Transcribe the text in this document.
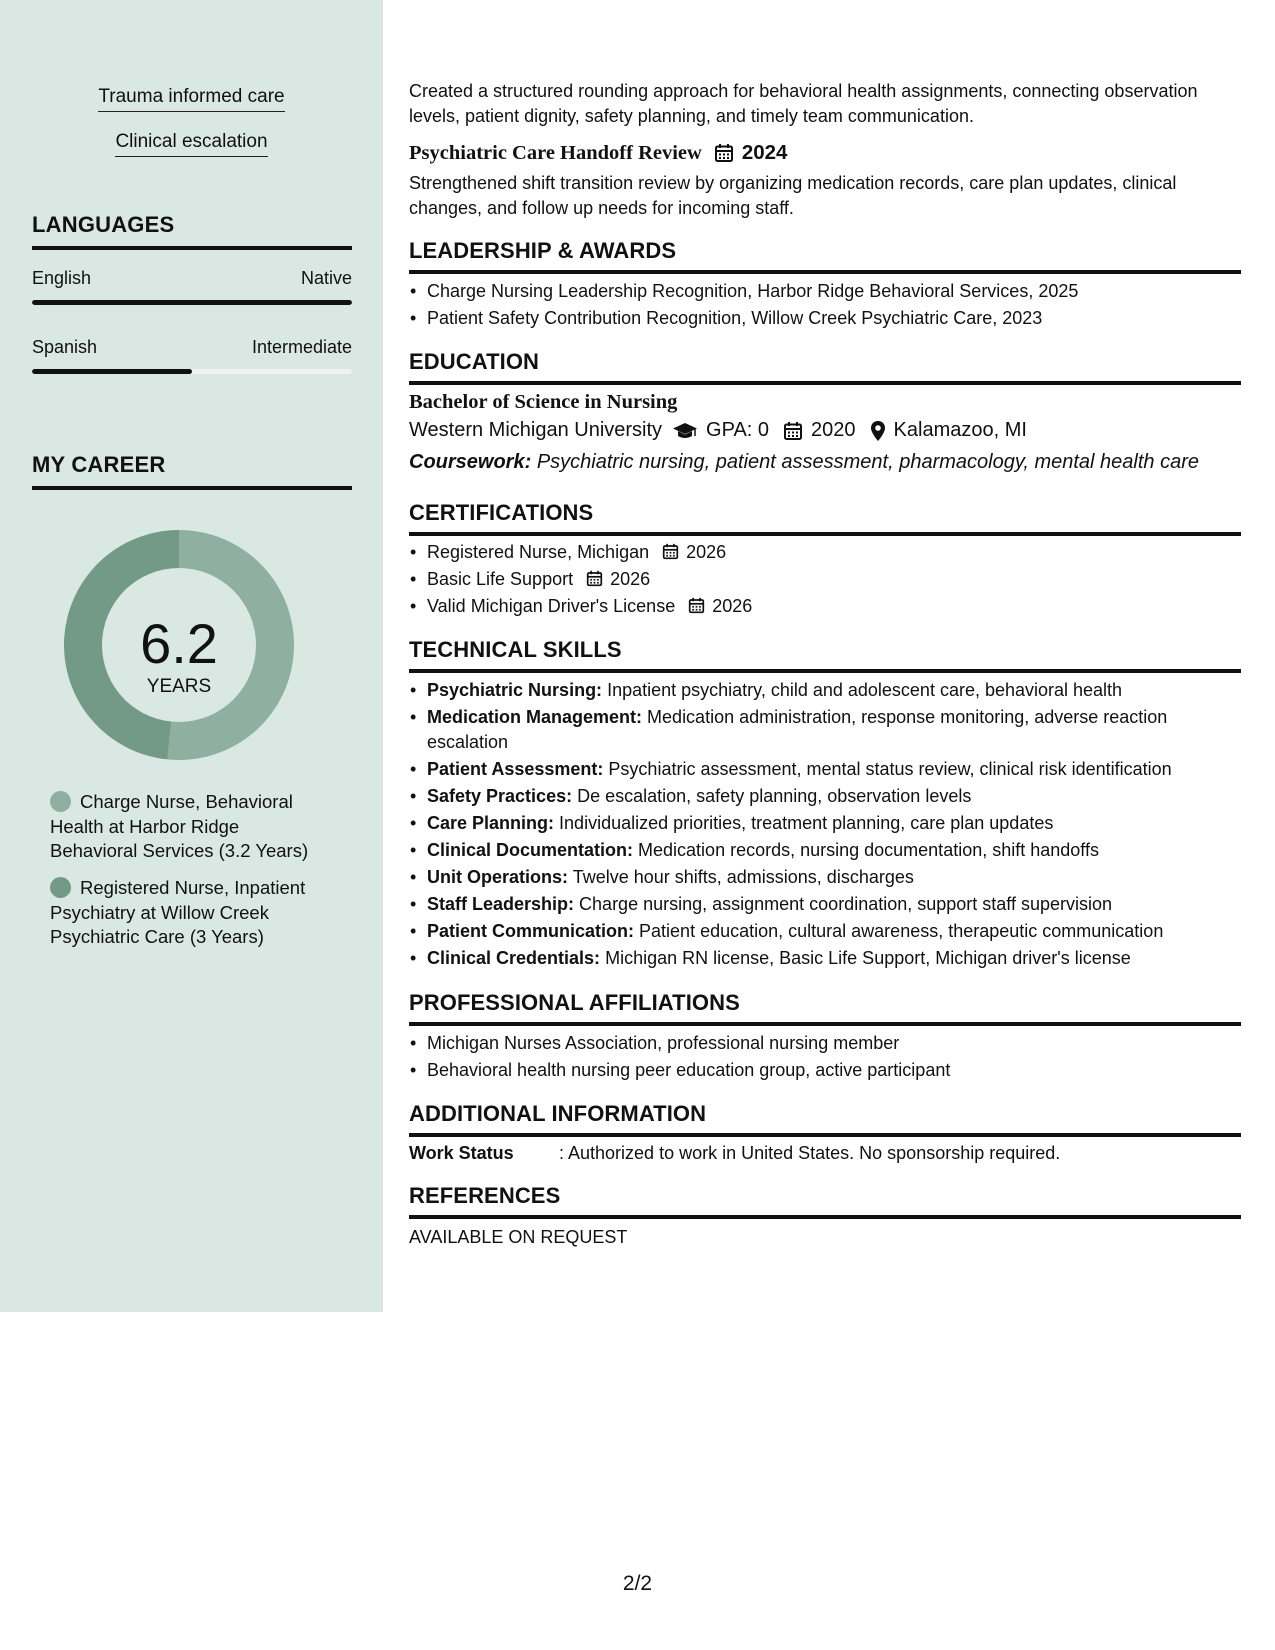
Trauma informed care
Clinical escalation
LANGUAGES
English	Native
Spanish	Intermediate
MY CAREER
6.2
YEARS
Charge Nurse, Behavioral Health at Harbor Ridge Behavioral Services (3.2 Years)
Registered Nurse, Inpatient Psychiatry at Willow Creek Psychiatric Care (3 Years)
Created a structured rounding approach for behavioral health assignments, connecting observation levels, patient dignity, safety planning, and timely team communication.
Psychiatric Care Handoff Review 2024
Strengthened shift transition review by organizing medication records, care plan updates, clinical changes, and follow up needs for incoming staff.
LEADERSHIP & AWARDS
• Charge Nursing Leadership Recognition, Harbor Ridge Behavioral Services, 2025
• Patient Safety Contribution Recognition, Willow Creek Psychiatric Care, 2023
EDUCATION
Bachelor of Science in Nursing
Western Michigan University GPA: 0 2020 Kalamazoo, MI
Coursework: Psychiatric nursing, patient assessment, pharmacology, mental health care
CERTIFICATIONS
• Registered Nurse, Michigan 2026
• Basic Life Support 2026
• Valid Michigan Driver's License 2026
TECHNICAL SKILLS
• Psychiatric Nursing: Inpatient psychiatry, child and adolescent care, behavioral health
• Medication Management: Medication administration, response monitoring, adverse reaction escalation
• Patient Assessment: Psychiatric assessment, mental status review, clinical risk identification
• Safety Practices: De escalation, safety planning, observation levels
• Care Planning: Individualized priorities, treatment planning, care plan updates
• Clinical Documentation: Medication records, nursing documentation, shift handoffs
• Unit Operations: Twelve hour shifts, admissions, discharges
• Staff Leadership: Charge nursing, assignment coordination, support staff supervision
• Patient Communication: Patient education, cultural awareness, therapeutic communication
• Clinical Credentials: Michigan RN license, Basic Life Support, Michigan driver's license
PROFESSIONAL AFFILIATIONS
• Michigan Nurses Association, professional nursing member
• Behavioral health nursing peer education group, active participant
ADDITIONAL INFORMATION
Work Status	: Authorized to work in United States. No sponsorship required.
REFERENCES
AVAILABLE ON REQUEST
2/2
